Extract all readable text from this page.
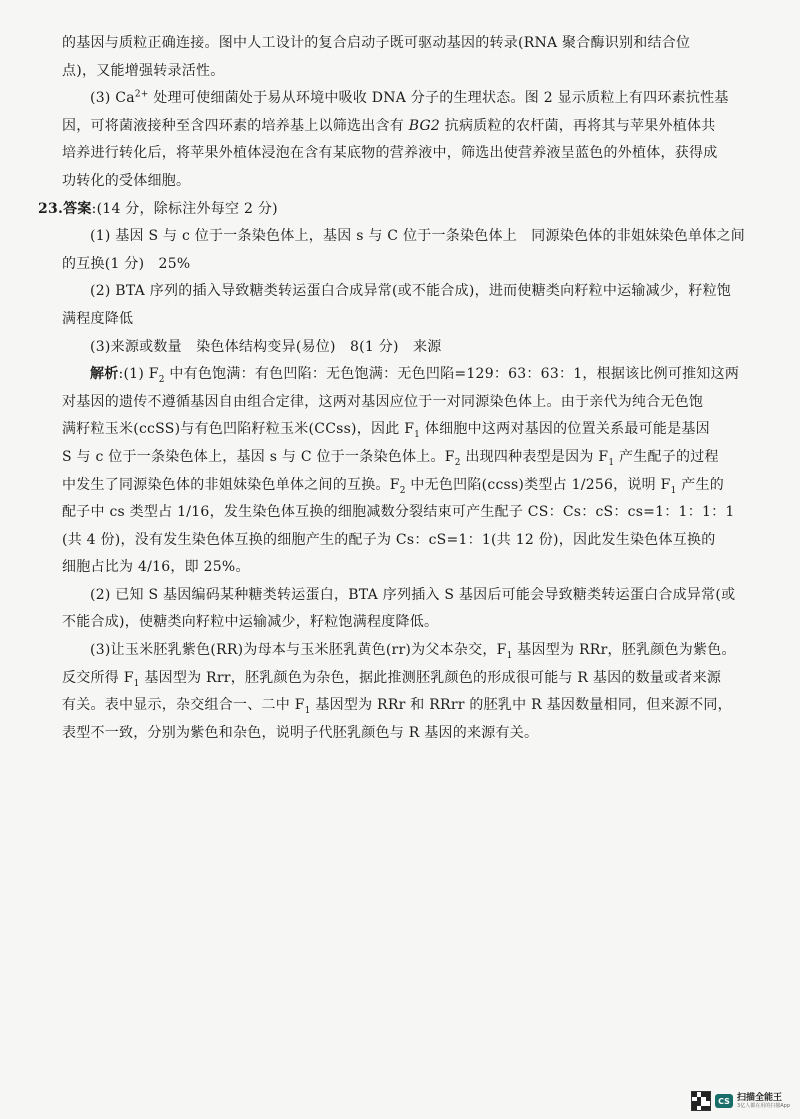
的基因与质粒正确连接。图中人工设计的复合启动子既可驱动基因的转录(RNA 聚合酶识别和结合位

点)，又能增强转录活性。

(3) $Ca^{2+}$ 处理可使细菌处于易从环境中吸收 DNA 分子的生理状态。图 2 显示质粒上有四环素抗性基

因，可将菌液接种至含四环素的培养基上以筛选出含有 BG2 抗病质粒的农杆菌，再将其与苹果外植体共

培养进行转化后，将苹果外植体浸泡在含有某底物的营养液中，筛选出使营养液呈蓝色的外植体，获得成

功转化的受体细胞。

23.答案:(14 分，除标注外每空 2 分)

(1) 基因 S 与 c 位于一条染色体上，基因 s 与 C 位于一条染色体上　同源染色体的非姐妹染色单体之间

的互换(1 分)　25%

(2) BTA 序列的插入导致糖类转运蛋白合成异常(或不能合成)，进而使糖类向籽粒中运输减少，籽粒饱

满程度降低

(3)来源或数量　染色体结构变异(易位)　8(1 分)　来源

解析:(1) $F_2$ 中有色饱满：有色凹陷：无色饱满：无色凹陷=129：63：63：1，根据该比例可推知这两

对基因的遗传不遵循基因自由组合定律，这两对基因应位于一对同源染色体上。由于亲代为纯合无色饱

满籽粒玉米(ccSS)与有色凹陷籽粒玉米(CCss)，因此 $F_1$ 体细胞中这两对基因的位置关系最可能是基因

S 与 c 位于一条染色体上，基因 s 与 C 位于一条染色体上。$F_2$ 出现四种表型是因为 $F_1$ 产生配子的过程

中发生了同源染色体的非姐妹染色单体之间的互换。$F_2$ 中无色凹陷(ccss)类型占 1/256，说明 $F_1$ 产生的

配子中 cs 类型占 1/16，发生染色体互换的细胞减数分裂结束可产生配子 CS：Cs：cS：cs=1：1：1：1

(共 4 份)，没有发生染色体互换的细胞产生的配子为 Cs：cS=1：1(共 12 份)，因此发生染色体互换的

细胞占比为 4/16，即 25%。

(2) 已知 S 基因编码某种糖类转运蛋白，BTA 序列插入 S 基因后可能会导致糖类转运蛋白合成异常(或

不能合成)，使糖类向籽粒中运输减少，籽粒饱满程度降低。

(3)让玉米胚乳紫色(RR)为母本与玉米胚乳黄色(rr)为父本杂交，$F_1$ 基因型为 RRr，胚乳颜色为紫色。

反交所得 $F_1$ 基因型为 Rrr，胚乳颜色为杂色，据此推测胚乳颜色的形成很可能与 R 基因的数量或者来源

有关。表中显示，杂交组合一、二中 $F_1$ 基因型为 RRr 和 RRrr 的胚乳中 R 基因数量相同，但来源不同，

表型不一致，分别为紫色和杂色，说明子代胚乳颜色与 R 基因的来源有关。

CS 扫描全能王
3亿人都在用的扫描App
